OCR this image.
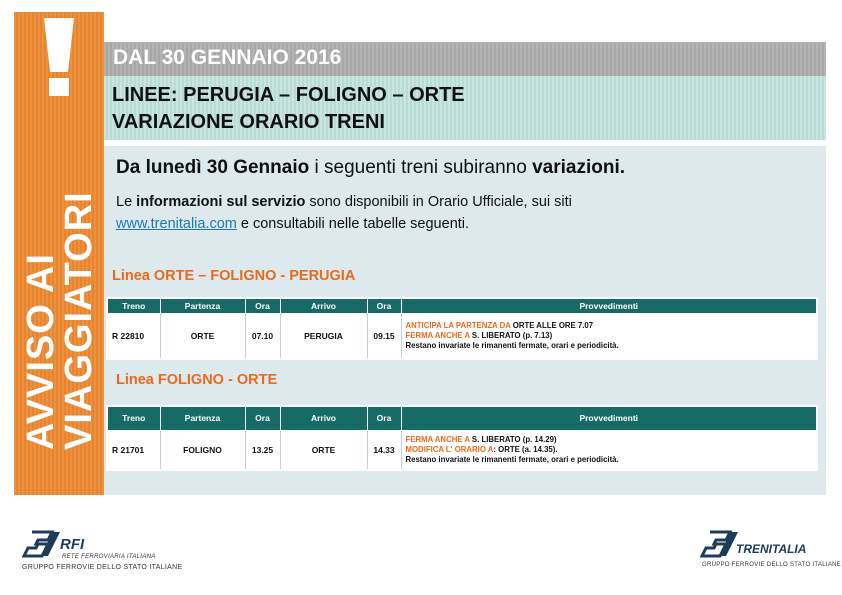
AVVISO AI
VIAGGIATORI
DAL 30 GENNAIO 2016
LINEE: PERUGIA – FOLIGNO – ORTE
VARIAZIONE ORARIO TRENI
Da lunedì 30 Gennaio i seguenti treni subiranno variazioni.
Le informazioni sul servizio sono disponibili in Orario Ufficiale, sui siti
www.trenitalia.com e consultabili nelle tabelle seguenti.
Linea ORTE – FOLIGNO - PERUGIA
Treno	Partenza	Ora	Arrivo	Ora	Provvedimenti
R 22810	ORTE	07.10	PERUGIA	09.15	ANTICIPA LA PARTENZA DA ORTE ALLE ORE 7.07
FERMA ANCHE A S. LIBERATO (p. 7.13)
Restano invariate le rimanenti fermate, orari e periodicità.
Linea FOLIGNO - ORTE
Treno	Partenza	Ora	Arrivo	Ora	Provvedimenti
R 21701	FOLIGNO	13.25	ORTE	14.33	FERMA ANCHE A S. LIBERATO (p. 14.29)
MODIFICA L' ORARIO A: ORTE (a. 14.35).
Restano invariate le rimanenti fermate, orari e periodicità.
RFI
RETE FERROVIARIA ITALIANA
GRUPPO FERROVIE DELLO STATO ITALIANE
TRENITALIA
GRUPPO FERROVIE DELLO STATO ITALIANE
